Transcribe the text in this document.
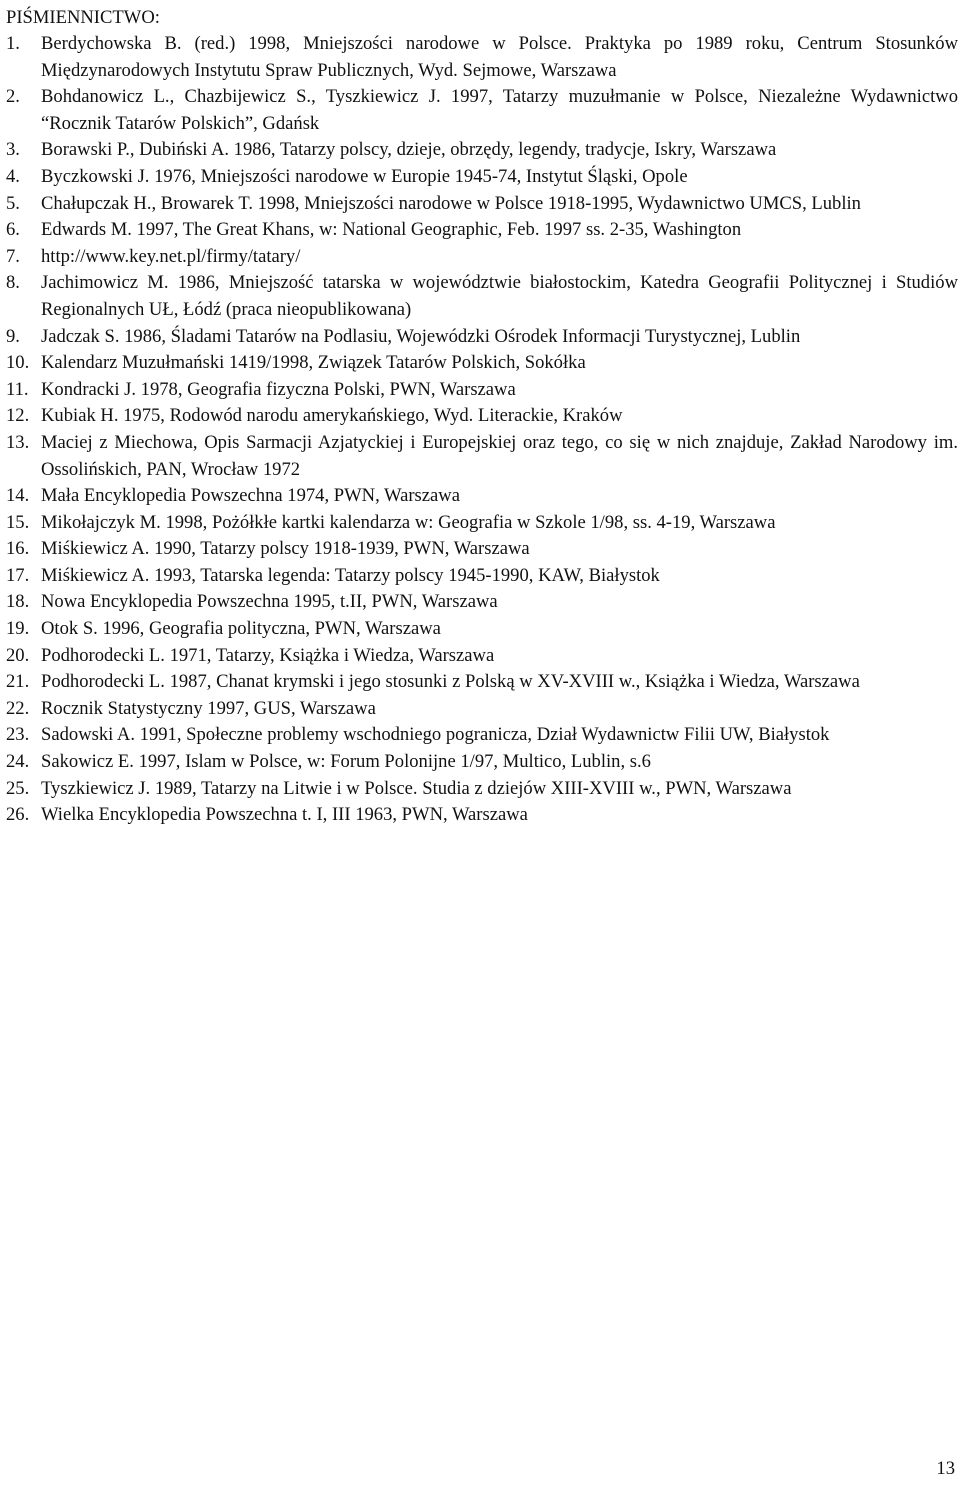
PIŚMIENNICTWO:
1.	Berdychowska B. (red.) 1998, Mniejszości narodowe w Polsce. Praktyka po 1989 roku, Centrum Stosunków Międzynarodowych Instytutu Spraw Publicznych, Wyd. Sejmowe, Warszawa
2.	Bohdanowicz L., Chazbijewicz S., Tyszkiewicz J. 1997, Tatarzy muzułmanie w Polsce, Niezależne Wydawnictwo “Rocznik Tatarów Polskich”, Gdańsk
3.	Borawski P., Dubiński A. 1986, Tatarzy polscy, dzieje, obrzędy, legendy, tradycje, Iskry, Warszawa
4.	Byczkowski J. 1976, Mniejszości narodowe w Europie 1945-74, Instytut Śląski, Opole
5.	Chałupczak H., Browarek T. 1998, Mniejszości narodowe w Polsce 1918-1995, Wydawnictwo UMCS, Lublin
6.	Edwards M. 1997, The Great Khans, w: National Geographic, Feb. 1997 ss. 2-35, Washington
7.	http://www.key.net.pl/firmy/tatary/
8.	Jachimowicz M. 1986, Mniejszość tatarska w województwie białostockim, Katedra Geografii Politycznej i Studiów Regionalnych UŁ, Łódź (praca nieopublikowana)
9.	Jadczak S. 1986, Śladami Tatarów na Podlasiu, Wojewódzki Ośrodek Informacji Turystycznej, Lublin
10. Kalendarz Muzułmański 1419/1998, Związek Tatarów Polskich, Sokółka
11. Kondracki J. 1978, Geografia fizyczna Polski, PWN, Warszawa
12. Kubiak H. 1975, Rodowód narodu amerykańskiego, Wyd. Literackie, Kraków
13. Maciej z Miechowa, Opis Sarmacji Azjatyckiej i Europejskiej oraz tego, co się w nich znajduje, Zakład Narodowy im. Ossolińskich, PAN, Wrocław 1972
14. Mała Encyklopedia Powszechna 1974, PWN, Warszawa
15. Mikołajczyk M. 1998, Pożółkłe kartki kalendarza w: Geografia w Szkole 1/98, ss. 4-19, Warszawa
16. Miśkiewicz A. 1990, Tatarzy polscy 1918-1939, PWN, Warszawa
17. Miśkiewicz A. 1993, Tatarska legenda: Tatarzy polscy 1945-1990, KAW, Białystok
18. Nowa Encyklopedia Powszechna 1995, t.II, PWN, Warszawa
19. Otok S. 1996, Geografia polityczna, PWN, Warszawa
20. Podhorodecki L. 1971, Tatarzy, Książka i Wiedza, Warszawa
21. Podhorodecki L. 1987, Chanat krymski i jego stosunki z Polską w XV-XVIII w., Książka i Wiedza, Warszawa
22. Rocznik Statystyczny 1997, GUS, Warszawa
23. Sadowski A. 1991, Społeczne problemy wschodniego pogranicza, Dział Wydawnictw Filii UW, Białystok
24. Sakowicz E. 1997, Islam w Polsce, w: Forum Polonijne 1/97, Multico, Lublin, s.6
25. Tyszkiewicz J. 1989, Tatarzy na Litwie i w Polsce. Studia z dziejów XIII-XVIII w., PWN, Warszawa
26. Wielka Encyklopedia Powszechna t. I, III 1963, PWN, Warszawa
13
